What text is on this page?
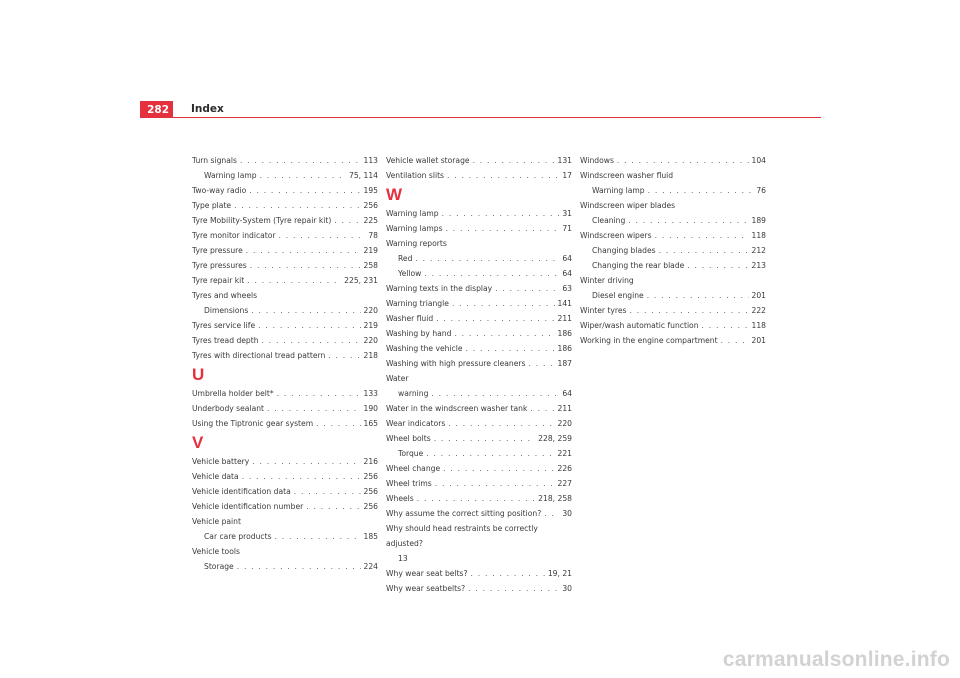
282	Index
Turn signals . . .	113
Warning lamp . . .	75, 114
Two-way radio . . .	195
Type plate . . .	256
Tyre Mobility-System (Tyre repair kit) . . .	225
Tyre monitor indicator . . .	78
Tyre pressure . . .	219
Tyre pressures . . .	258
Tyre repair kit . . .	225, 231
Tyres and wheels
Dimensions . . .	220
Tyres service life . . .	219
Tyres tread depth . . .	220
Tyres with directional tread pattern . . .	218
U
Umbrella holder belt* . . .	133
Underbody sealant . . .	190
Using the Tiptronic gear system . . .	165
V
Vehicle battery . . .	216
Vehicle data . . .	256
Vehicle identification data . . .	256
Vehicle identification number . . .	256
Vehicle paint
Car care products . . .	185
Vehicle tools
Storage . . .	224
Vehicle wallet storage . . .	131
Ventilation slits . . .	17
W
Warning lamp . . .	31
Warning lamps . . .	71
Warning reports
Red . . .	64
Yellow . . .	64
Warning texts in the display . . .	63
Warning triangle . . .	141
Washer fluid . . .	211
Washing by hand . . .	186
Washing the vehicle . . .	186
Washing with high pressure cleaners . . .	187
Water
warning . . .	64
Water in the windscreen washer tank . . .	211
Wear indicators . . .	220
Wheel bolts . . .	228, 259
Torque . . .	221
Wheel change . . .	226
Wheel trims . . .	227
Wheels . . .	218, 258
Why assume the correct sitting position? . . .	30
Why should head restraints be correctly adjusted?
13
Why wear seat belts? . . .	19, 21
Why wear seatbelts? . . .	30
Windows . . .	104
Windscreen washer fluid
Warning lamp . . .	76
Windscreen wiper blades
Cleaning . . .	189
Windscreen wipers . . .	118
Changing blades . . .	212
Changing the rear blade . . .	213
Winter driving
Diesel engine . . .	201
Winter tyres . . .	222
Wiper/wash automatic function . . .	118
Working in the engine compartment . . .	201
carmanualsonline.info
